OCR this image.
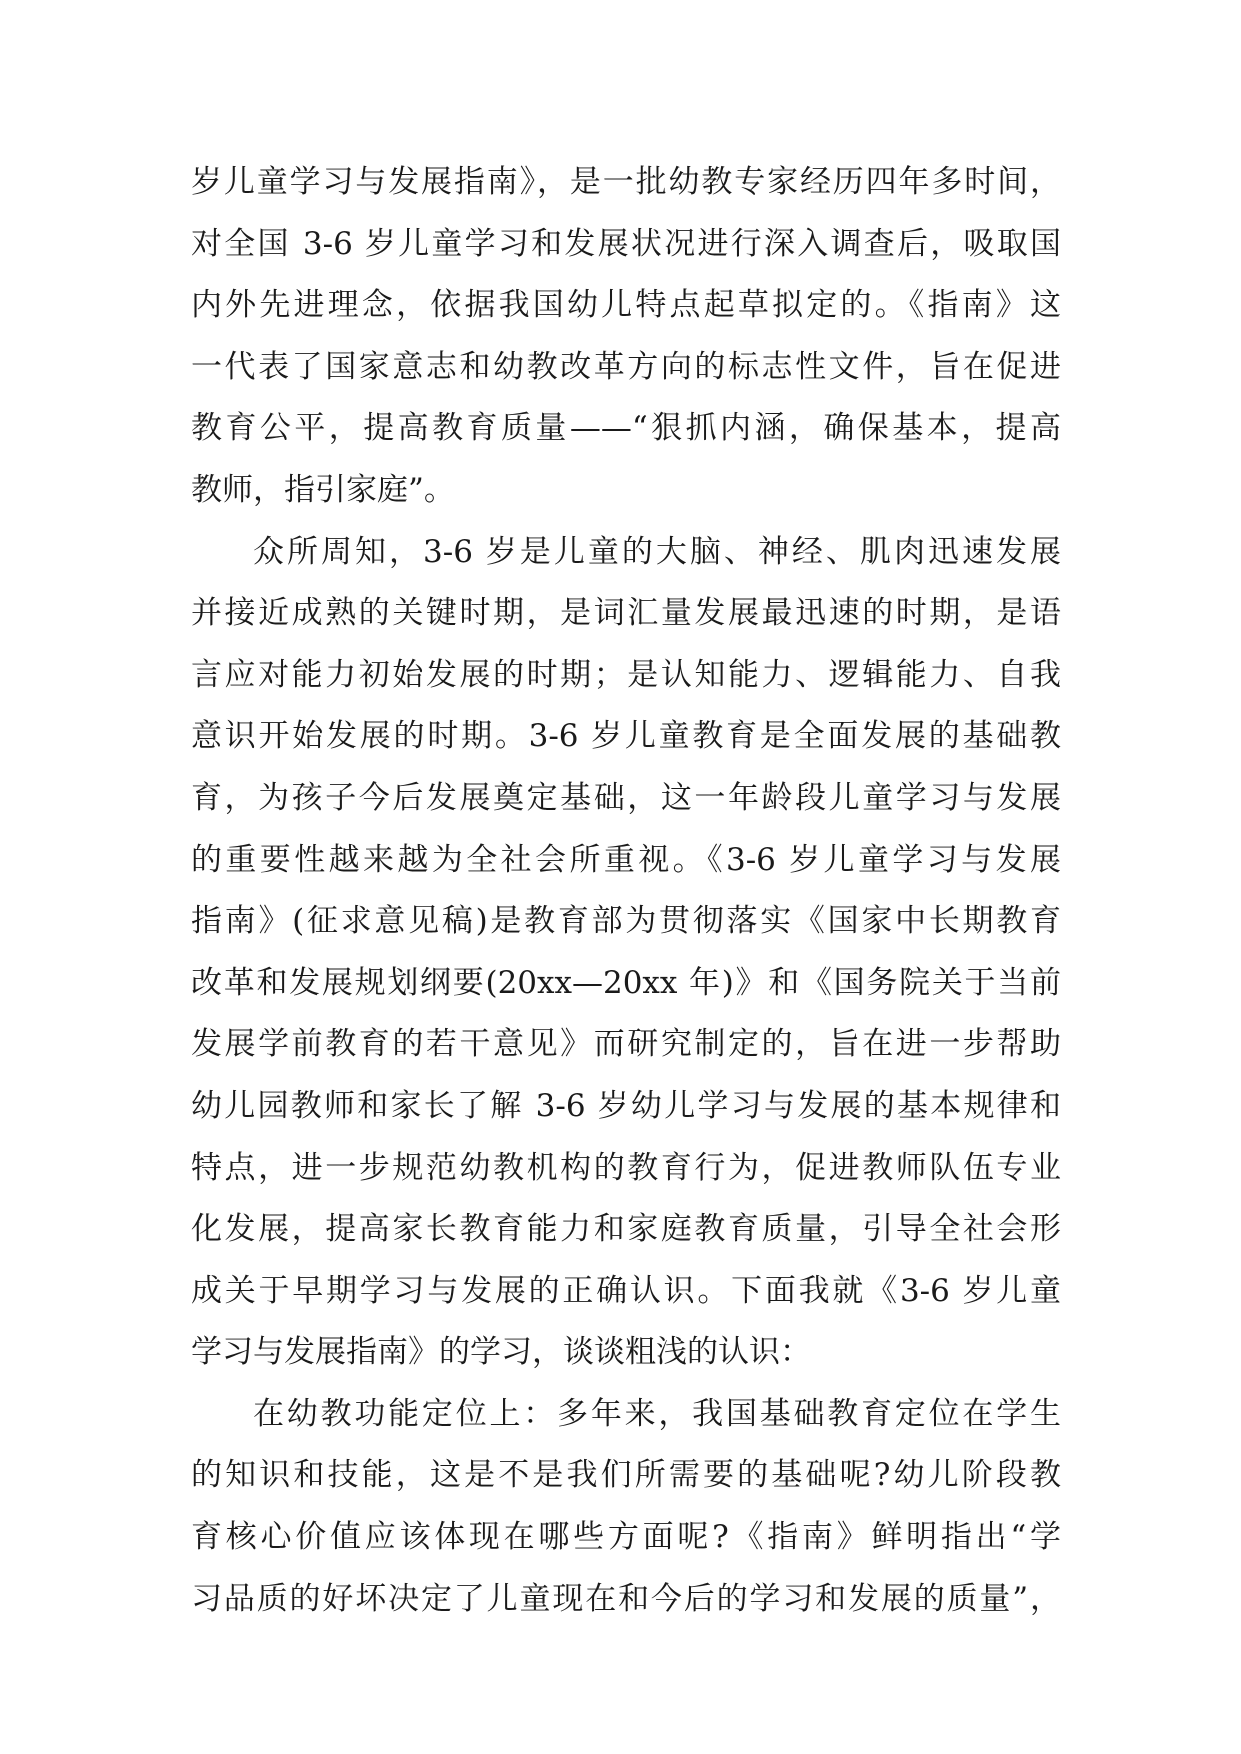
岁儿童学习与发展指南》，是一批幼教专家经历四年多时间，
对全国 3-6 岁儿童学习和发展状况进行深入调查后，吸取国
内外先进理念，依据我国幼儿特点起草拟定的。《指南》这
一代表了国家意志和幼教改革方向的标志性文件，旨在促进
教育公平，提高教育质量——“狠抓内涵，确保基本，提高
教师，指引家庭”。
众所周知，3-6 岁是儿童的大脑、神经、肌肉迅速发展
并接近成熟的关键时期，是词汇量发展最迅速的时期，是语
言应对能力初始发展的时期；是认知能力、逻辑能力、自我
意识开始发展的时期。3-6 岁儿童教育是全面发展的基础教
育，为孩子今后发展奠定基础，这一年龄段儿童学习与发展
的重要性越来越为全社会所重视。《3-6 岁儿童学习与发展
指南》(征求意见稿)是教育部为贯彻落实《国家中长期教育
改革和发展规划纲要(20xx—20xx 年)》和《国务院关于当前
发展学前教育的若干意见》而研究制定的，旨在进一步帮助
幼儿园教师和家长了解 3-6 岁幼儿学习与发展的基本规律和
特点，进一步规范幼教机构的教育行为，促进教师队伍专业
化发展，提高家长教育能力和家庭教育质量，引导全社会形
成关于早期学习与发展的正确认识。下面我就《3-6 岁儿童
学习与发展指南》的学习，谈谈粗浅的认识：
在幼教功能定位上：多年来，我国基础教育定位在学生
的知识和技能，这是不是我们所需要的基础呢?幼儿阶段教
育核心价值应该体现在哪些方面呢?《指南》鲜明指出“学
习品质的好坏决定了儿童现在和今后的学习和发展的质量”，
